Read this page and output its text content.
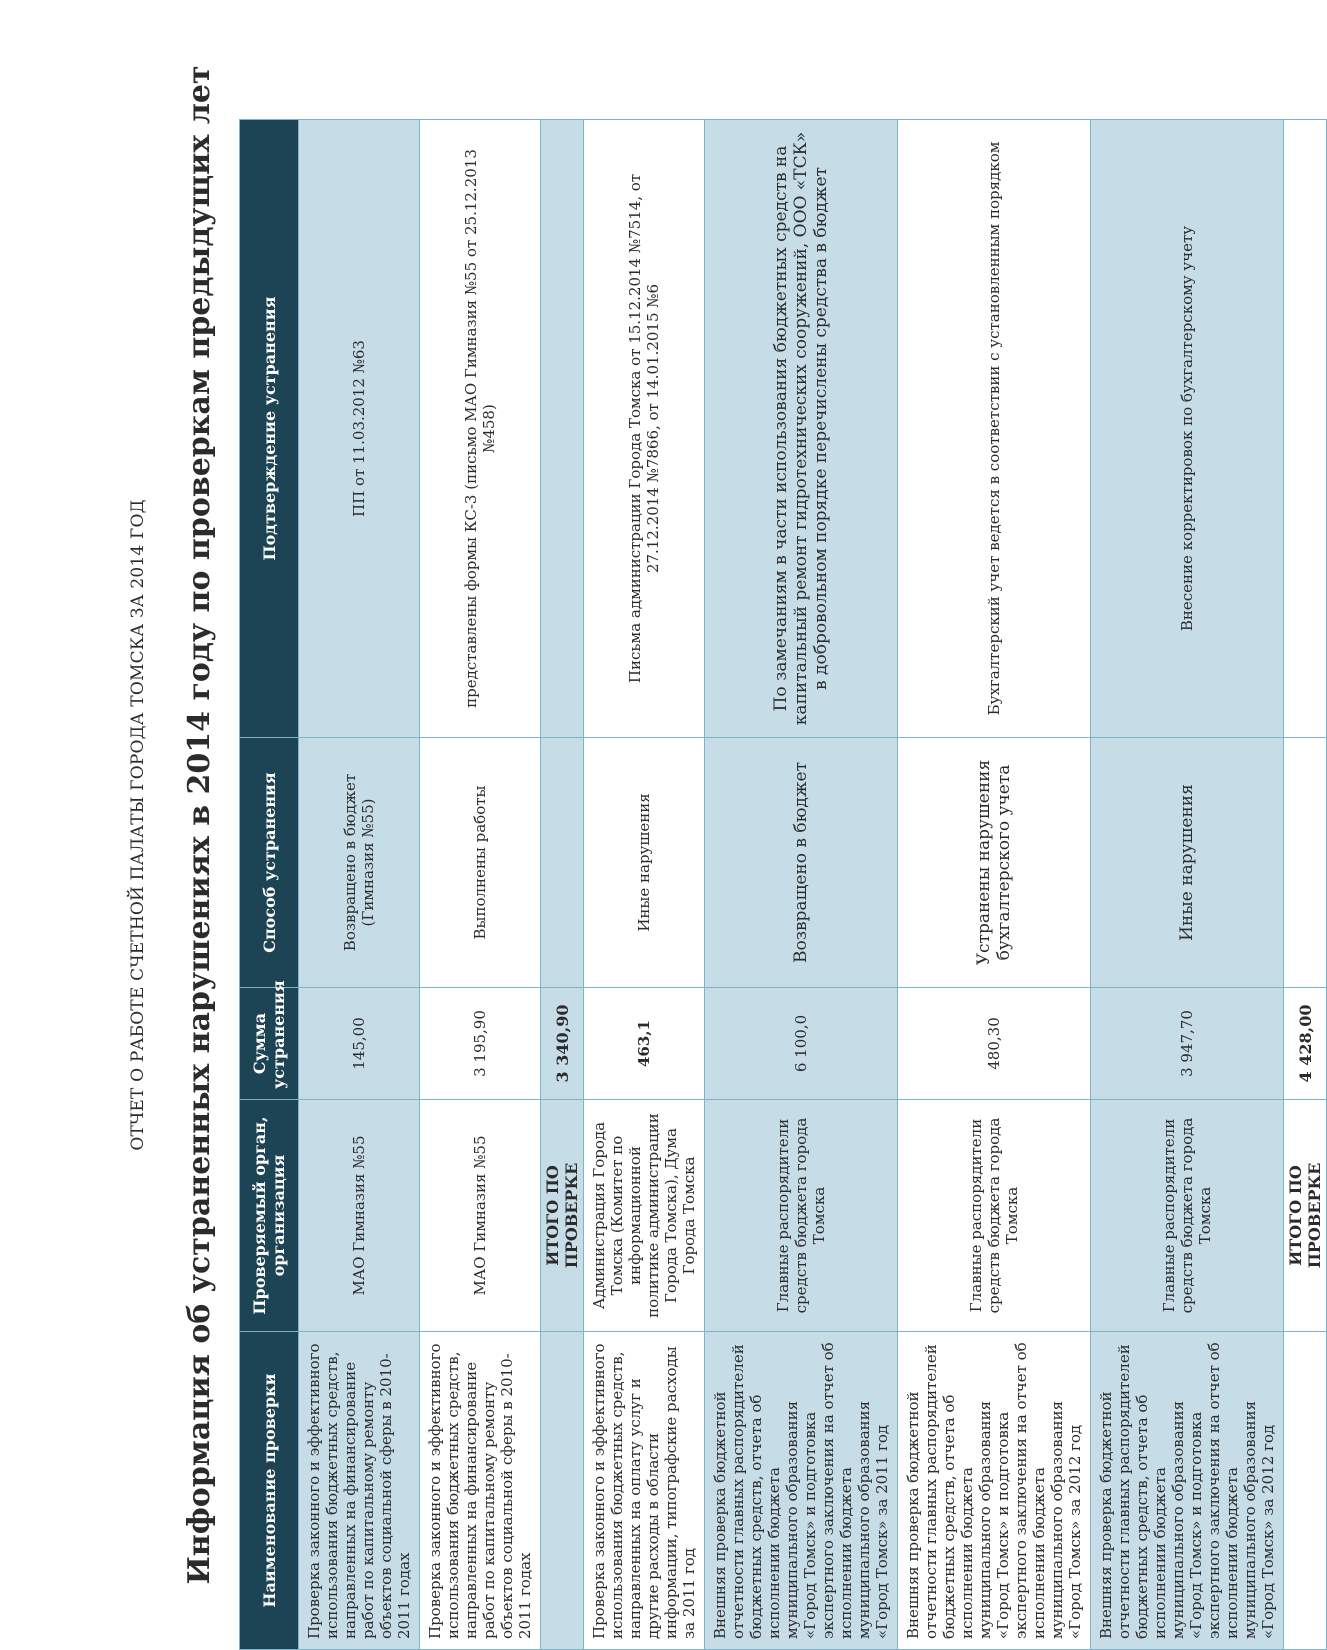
ОТЧЕТ О РАБОТЕ СЧЕТНОЙ ПАЛАТЫ ГОРОДА ТОМСКА ЗА 2014 ГОД Информация об устраненных нарушениях в 2014 году по проверкам предыдущих лет	Наименование проверки	Проверяемый орган, организация	Сумма устранения	Способ устранения	Подтверждение устранения
Проверка законного и эффективного использования бюджетных средств, направленных на финансирование работ по капитальному ремонту объектов социальной сферы в 2010-2011 годах	МАО Гимназия №55	145,00	Возвращено в бюджет (Гимназия №55)	ПП от 11.03.2012 №63
Проверка законного и эффективного использования бюджетных средств, направленных на финансирование работ по капитальному ремонту объектов социальной сферы в 2010-2011 годах	МАО Гимназия №55	3 195,90	Выполнены работы	представлены формы КС-3 (письмо МАО Гимназия №55 от 25.12.2013 №458)
	ИТОГО ПО ПРОВЕРКЕ	3 340,90		
Проверка законного и эффективного использования бюджетных средств, направленных на оплату услуг и другие расходы в области информации, типографские расходы за 2011 год	Администрация Города Томска (Комитет по информационной политике администрации Города Томска), Дума Города Томска	463,1	Иные нарушения	Письма администрации Города Томска от 15.12.2014 №7514, от 27.12.2014 №7866, от 14.01.2015 №6
Внешняя проверка бюджетной отчетности главных распорядителей бюджетных средств, отчета об исполнении бюджета муниципального образования «Город Томск» и подготовка экспертного заключения на отчет об исполнении бюджета муниципального образования «Город Томск» за 2011 год	Главные распорядители средств бюджета города Томска	6 100,0	Возвращено в бюджет	По замечаниям в части использования бюджетных средств на капитальный ремонт гидротехнических сооружений, ООО «ТСК» в добровольном порядке перечислены средства в бюджет
Внешняя проверка бюджетной отчетности главных распорядителей бюджетных средств, отчета об исполнении бюджета муниципального образования «Город Томск» и подготовка экспертного заключения на отчет об исполнении бюджета муниципального образования «Город Томск» за 2012 год	Главные распорядители средств бюджета города Томска	480,30	Устранены нарушения бухгалтерского учета	Бухгалтерский учет ведется в соответствии с установленным порядком
Внешняя проверка бюджетной отчетности главных распорядителей бюджетных средств, отчета об исполнении бюджета муниципального образования «Город Томск» и подготовка экспертного заключения на отчет об исполнении бюджета муниципального образования «Город Томск» за 2012 год	Главные распорядители средств бюджета города Томска	3 947,70	Иные нарушения	Внесение корректировок по бухгалтерскому учету
	ИТОГО ПО ПРОВЕРКЕ	4 428,00		
